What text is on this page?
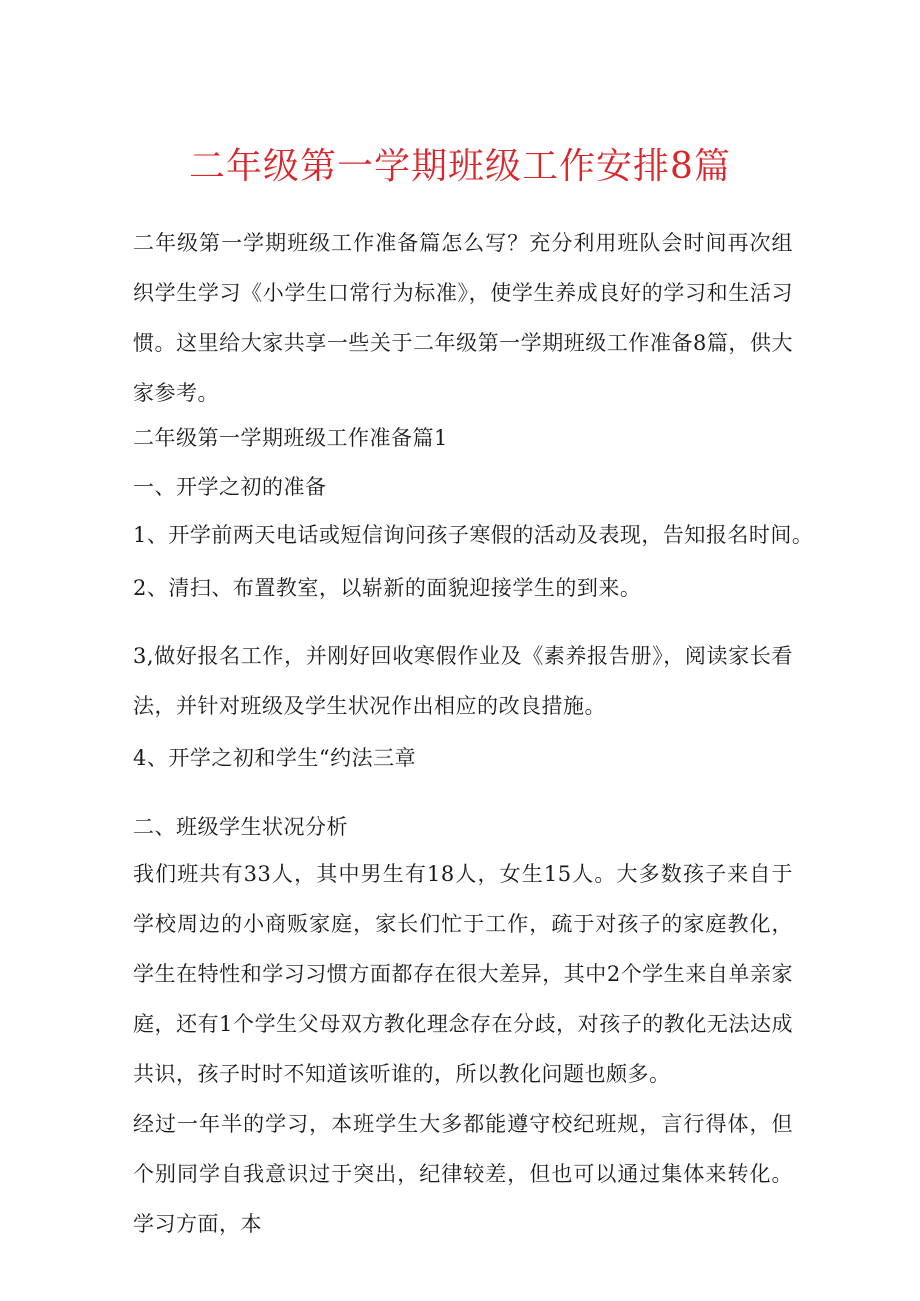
二年级第一学期班级工作安排8篇

二年级第一学期班级工作准备篇怎么写？充分利用班队会时间再次组织学生学习《小学生口常行为标准》，使学生养成良好的学习和生活习惯。这里给大家共享一些关于二年级第一学期班级工作准备8篇，供大家参考。

二年级第一学期班级工作准备篇1

一、开学之初的准备

1、开学前两天电话或短信询问孩子寒假的活动及表现，告知报名时间。

2、清扫、布置教室，以崭新的面貌迎接学生的到来。

3,做好报名工作，并刚好回收寒假作业及《素养报告册》，阅读家长看法，并针对班级及学生状况作出相应的改良措施。

4、开学之初和学生“约法三章

二、班级学生状况分析

我们班共有33人，其中男生有18人，女生15人。大多数孩子来自于学校周边的小商贩家庭，家长们忙于工作，疏于对孩子的家庭教化，学生在特性和学习习惯方面都存在很大差异，其中2个学生来自单亲家庭，还有1个学生父母双方教化理念存在分歧，对孩子的教化无法达成共识，孩子时时不知道该听谁的，所以教化问题也颇多。

经过一年半的学习，本班学生大多都能遵守校纪班规，言行得体，但个别同学自我意识过于突出，纪律较差，但也可以通过集体来转化。学习方面，本
